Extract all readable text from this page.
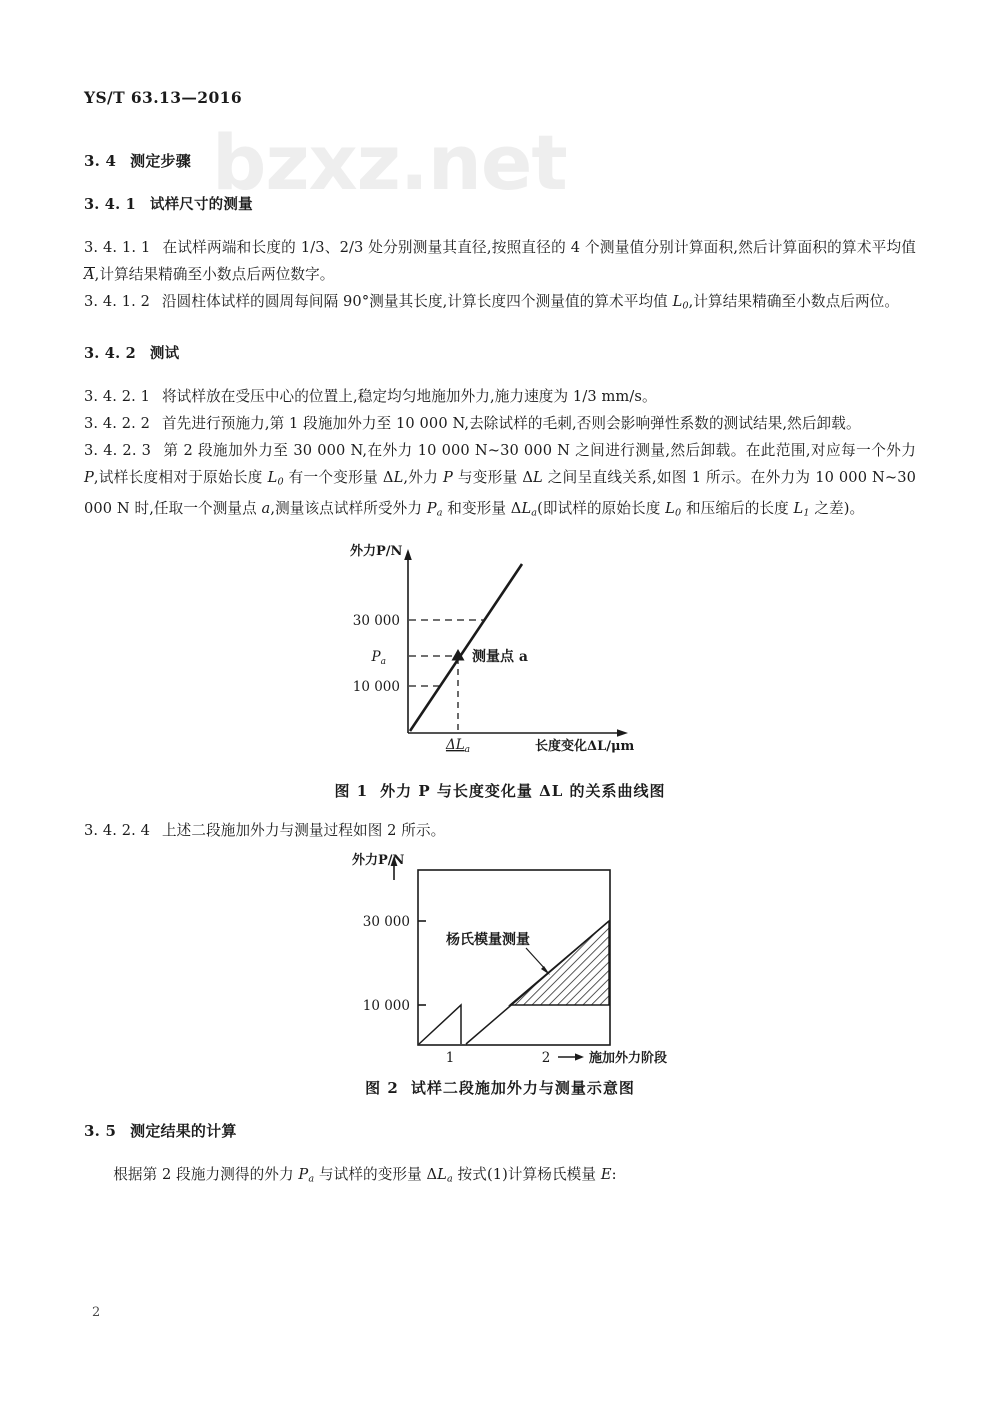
bzxz.net
YS/T 63.13—2016
3. 4 测定步骤
3. 4. 1 试样尺寸的测量

3. 4. 1. 1 在试样两端和长度的 1/3、2/3 处分别测量其直径,按照直径的 4 个测量值分别计算面积,然后计算面积的算术平均值 A,计算结果精确至小数点后两位数字。

3. 4. 1. 2 沿圆柱体试样的圆周每间隔 90°测量其长度,计算长度四个测量值的算术平均值 $L_0$,计算结果精确至小数点后两位。

3. 4. 2 测试

3. 4. 2. 1 将试样放在受压中心的位置上,稳定均匀地施加外力,施力速度为 1/3 mm/s。

3. 4. 2. 2 首先进行预施力,第 1 段施加外力至 10 000 N,去除试样的毛刺,否则会影响弹性系数的测试结果,然后卸载。

3. 4. 2. 3 第 2 段施加外力至 30 000 N,在外力 10 000 N~30 000 N 之间进行测量,然后卸载。在此范围,对应每一个外力 P,试样长度相对于原始长度 $L_0$ 有一个变形量 ΔL,外力 P 与变形量 ΔL 之间呈直线关系,如图 1 所示。在外力为 10 000 N~30 000 N 时,任取一个测量点 a,测量该点试样所受外力 $P_a$ 和变形量 $\Delta L_a$(即试样的原始长度 $L_0$ 和压缩后的长度 $L_1$ 之差)。

外力P/N
30 000
10 000
Pa
ΔLa	长度变化ΔL/μm
测量点 a
图 1 外力 P 与长度变化量 ΔL 的关系曲线图

3. 4. 2. 4 上述二段施加外力与测量过程如图 2 所示。

外力P/N
30 000
10 000
1	2	施加外力阶段
杨氏模量测量
图 2 试样二段施加外力与测量示意图
3. 5 测定结果的计算

根据第 2 段施力测得的外力 $P_a$ 与试样的变形量 $\Delta L_a$ 按式(1)计算杨氏模量 E:

2
